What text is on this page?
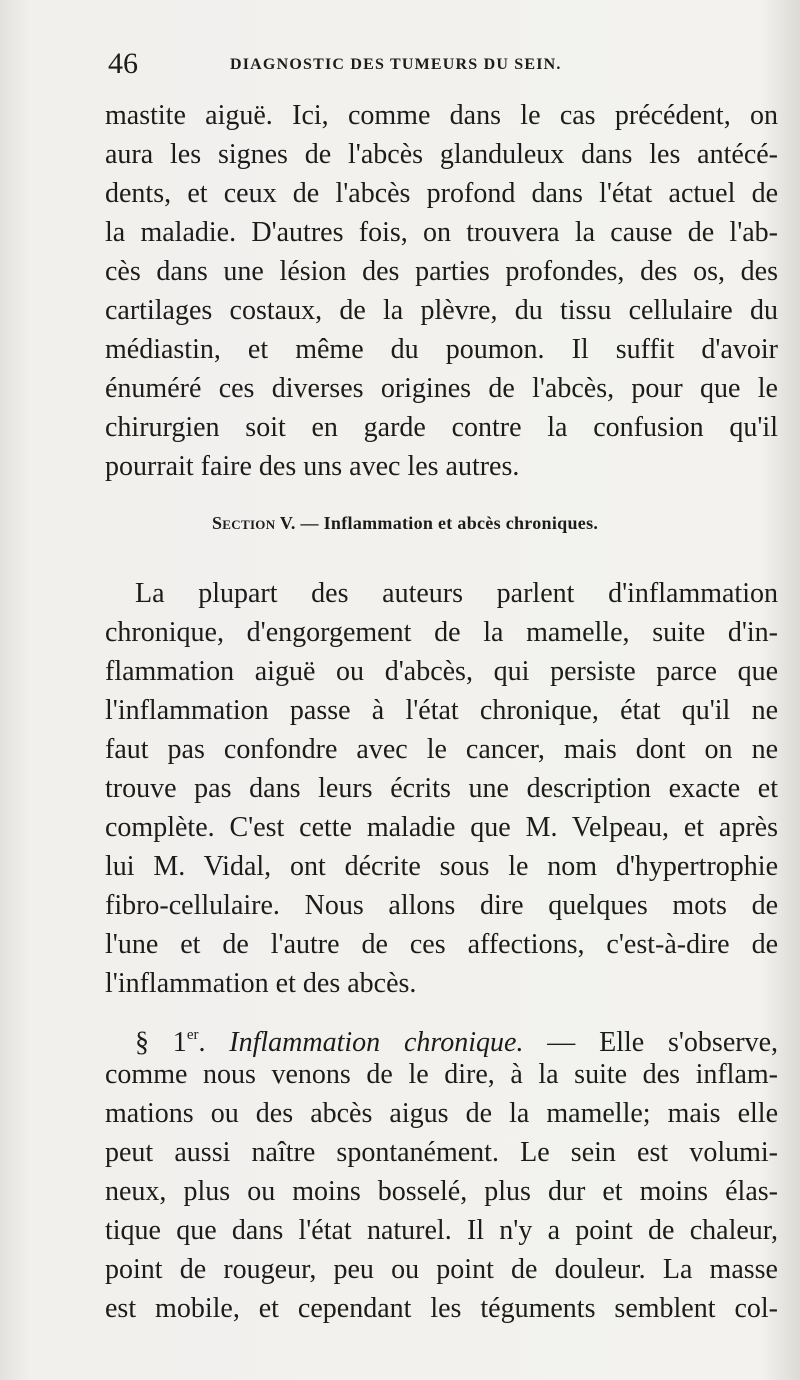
46	DIAGNOSTIC DES TUMEURS DU SEIN.
mastite aiguë. Ici, comme dans le cas précédent, on
aura les signes de l'abcès glanduleux dans les antécé-
dents, et ceux de l'abcès profond dans l'état actuel de
la maladie. D'autres fois, on trouvera la cause de l'ab-
cès dans une lésion des parties profondes, des os, des
cartilages costaux, de la plèvre, du tissu cellulaire du
médiastin, et même du poumon. Il suffit d'avoir
énuméré ces diverses origines de l'abcès, pour que le
chirurgien soit en garde contre la confusion qu'il
pourrait faire des uns avec les autres.
Section V. — Inflammation et abcès chroniques.
La plupart des auteurs parlent d'inflammation
chronique, d'engorgement de la mamelle, suite d'in-
flammation aiguë ou d'abcès, qui persiste parce que
l'inflammation passe à l'état chronique, état qu'il ne
faut pas confondre avec le cancer, mais dont on ne
trouve pas dans leurs écrits une description exacte et
complète. C'est cette maladie que M. Velpeau, et après
lui M. Vidal, ont décrite sous le nom d'hypertrophie
fibro-cellulaire. Nous allons dire quelques mots de
l'une et de l'autre de ces affections, c'est-à-dire de
l'inflammation et des abcès.
§ 1er. Inflammation chronique. — Elle s'observe,
comme nous venons de le dire, à la suite des inflam-
mations ou des abcès aigus de la mamelle; mais elle
peut aussi naître spontanément. Le sein est volumi-
neux, plus ou moins bosselé, plus dur et moins élas-
tique que dans l'état naturel. Il n'y a point de chaleur,
point de rougeur, peu ou point de douleur. La masse
est mobile, et cependant les téguments semblent col-
